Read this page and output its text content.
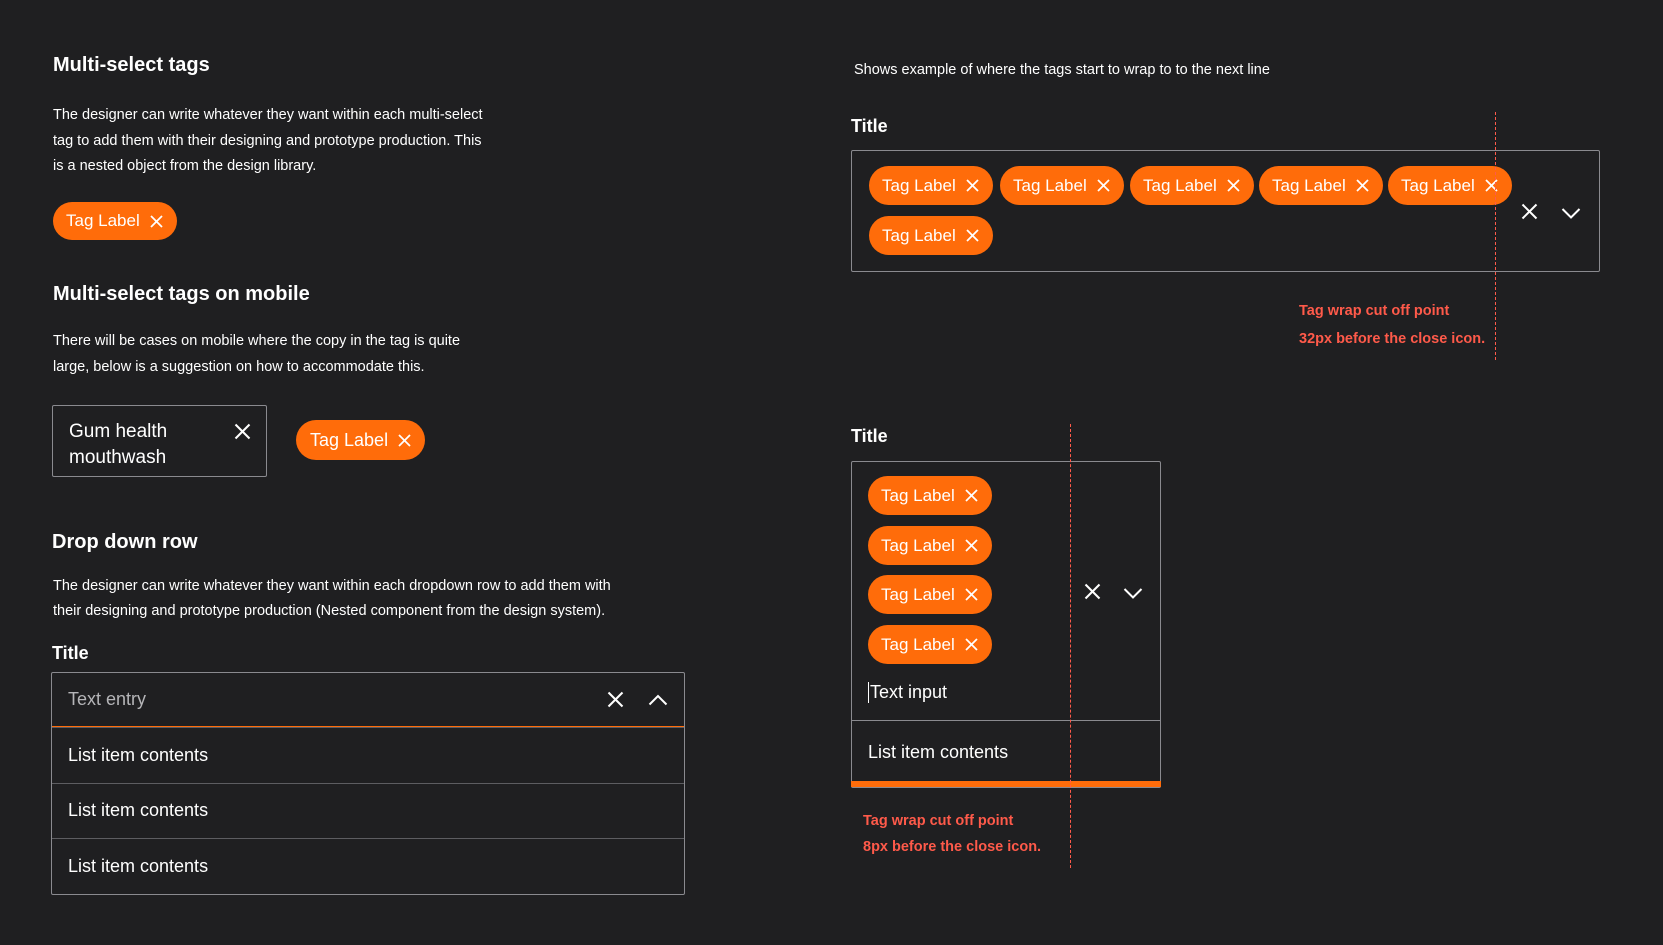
Multi-select tags
The designer can write whatever they want within each multi-select
tag to add them with their designing and prototype production. This
is a nested object from the design library.
Tag Label
Multi-select tags on mobile
There will be cases on mobile where the copy in the tag is quite
large, below is a suggestion on how to accommodate this.
Gum health
mouthwash
Tag Label
Drop down row
The designer can write whatever they want within each dropdown row to add them with
their designing and prototype production (Nested component from the design system).
Title
Text entry
List item contents
List item contents
List item contents
Shows example of where the tags start to wrap to to the next line
Title
Tag Label	Tag Label	Tag Label	Tag Label	Tag Label
Tag Label
Tag wrap cut off point
32px before the close icon.
Title
Tag Label
Tag Label
Tag Label
Tag Label
Text input
List item contents
Tag wrap cut off point
8px before the close icon.
